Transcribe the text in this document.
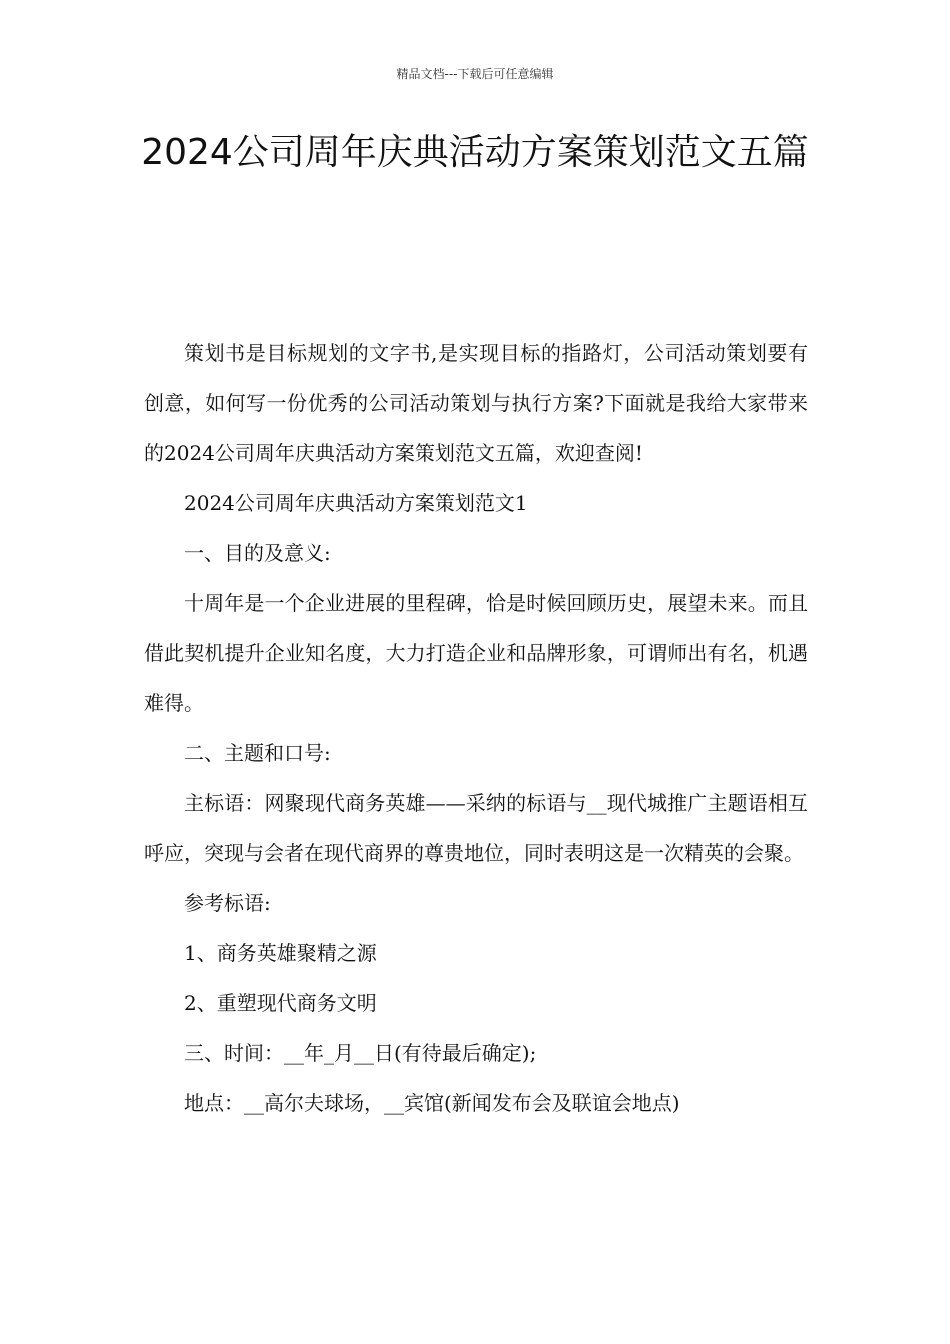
精品文档---下载后可任意编辑
2024公司周年庆典活动方案策划范文五篇

策划书是目标规划的文字书,是实现目标的指路灯，公司活动策划要有创意，如何写一份优秀的公司活动策划与执行方案?下面就是我给大家带来的2024公司周年庆典活动方案策划范文五篇，欢迎查阅!

2024公司周年庆典活动方案策划范文1

一、目的及意义:

十周年是一个企业进展的里程碑，恰是时候回顾历史，展望未来。而且借此契机提升企业知名度，大力打造企业和品牌形象，可谓师出有名，机遇难得。

二、主题和口号:

主标语：网聚现代商务英雄——采纳的标语与__现代城推广主题语相互呼应，突现与会者在现代商界的尊贵地位，同时表明这是一次精英的会聚。

参考标语:

1、商务英雄聚精之源

2、重塑现代商务文明

三、时间：__年_月__日(有待最后确定);

地点：__高尔夫球场，__宾馆(新闻发布会及联谊会地点)
